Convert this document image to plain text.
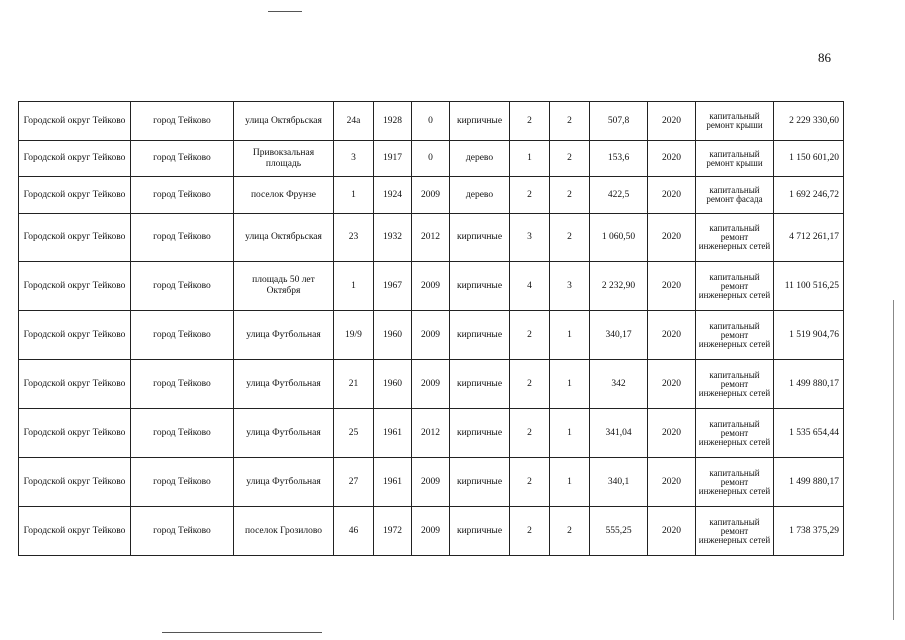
86
Городской округ Тейково	город Тейково	улица Октябрьская	24а	1928	0	кирпичные	2	2	507,8	2020	капитальный ремонт крыши	2 229 330,60
Городской округ Тейково	город Тейково	Привокзальная площадь	3	1917	0	дерево	1	2	153,6	2020	капитальный ремонт крыши	1 150 601,20
Городской округ Тейково	город Тейково	поселок Фрунзе	1	1924	2009	дерево	2	2	422,5	2020	капитальный ремонт фасада	1 692 246,72
Городской округ Тейково	город Тейково	улица Октябрьская	23	1932	2012	кирпичные	3	2	1 060,50	2020	капитальный ремонт инженерных сетей	4 712 261,17
Городской округ Тейково	город Тейково	площадь 50 лет Октября	1	1967	2009	кирпичные	4	3	2 232,90	2020	капитальный ремонт инженерных сетей	11 100 516,25
Городской округ Тейково	город Тейково	улица Футбольная	19/9	1960	2009	кирпичные	2	1	340,17	2020	капитальный ремонт инженерных сетей	1 519 904,76
Городской округ Тейково	город Тейково	улица Футбольная	21	1960	2009	кирпичные	2	1	342	2020	капитальный ремонт инженерных сетей	1 499 880,17
Городской округ Тейково	город Тейково	улица Футбольная	25	1961	2012	кирпичные	2	1	341,04	2020	капитальный ремонт инженерных сетей	1 535 654,44
Городской округ Тейково	город Тейково	улица Футбольная	27	1961	2009	кирпичные	2	1	340,1	2020	капитальный ремонт инженерных сетей	1 499 880,17
Городской округ Тейково	город Тейково	поселок Грозилово	46	1972	2009	кирпичные	2	2	555,25	2020	капитальный ремонт инженерных сетей	1 738 375,29
